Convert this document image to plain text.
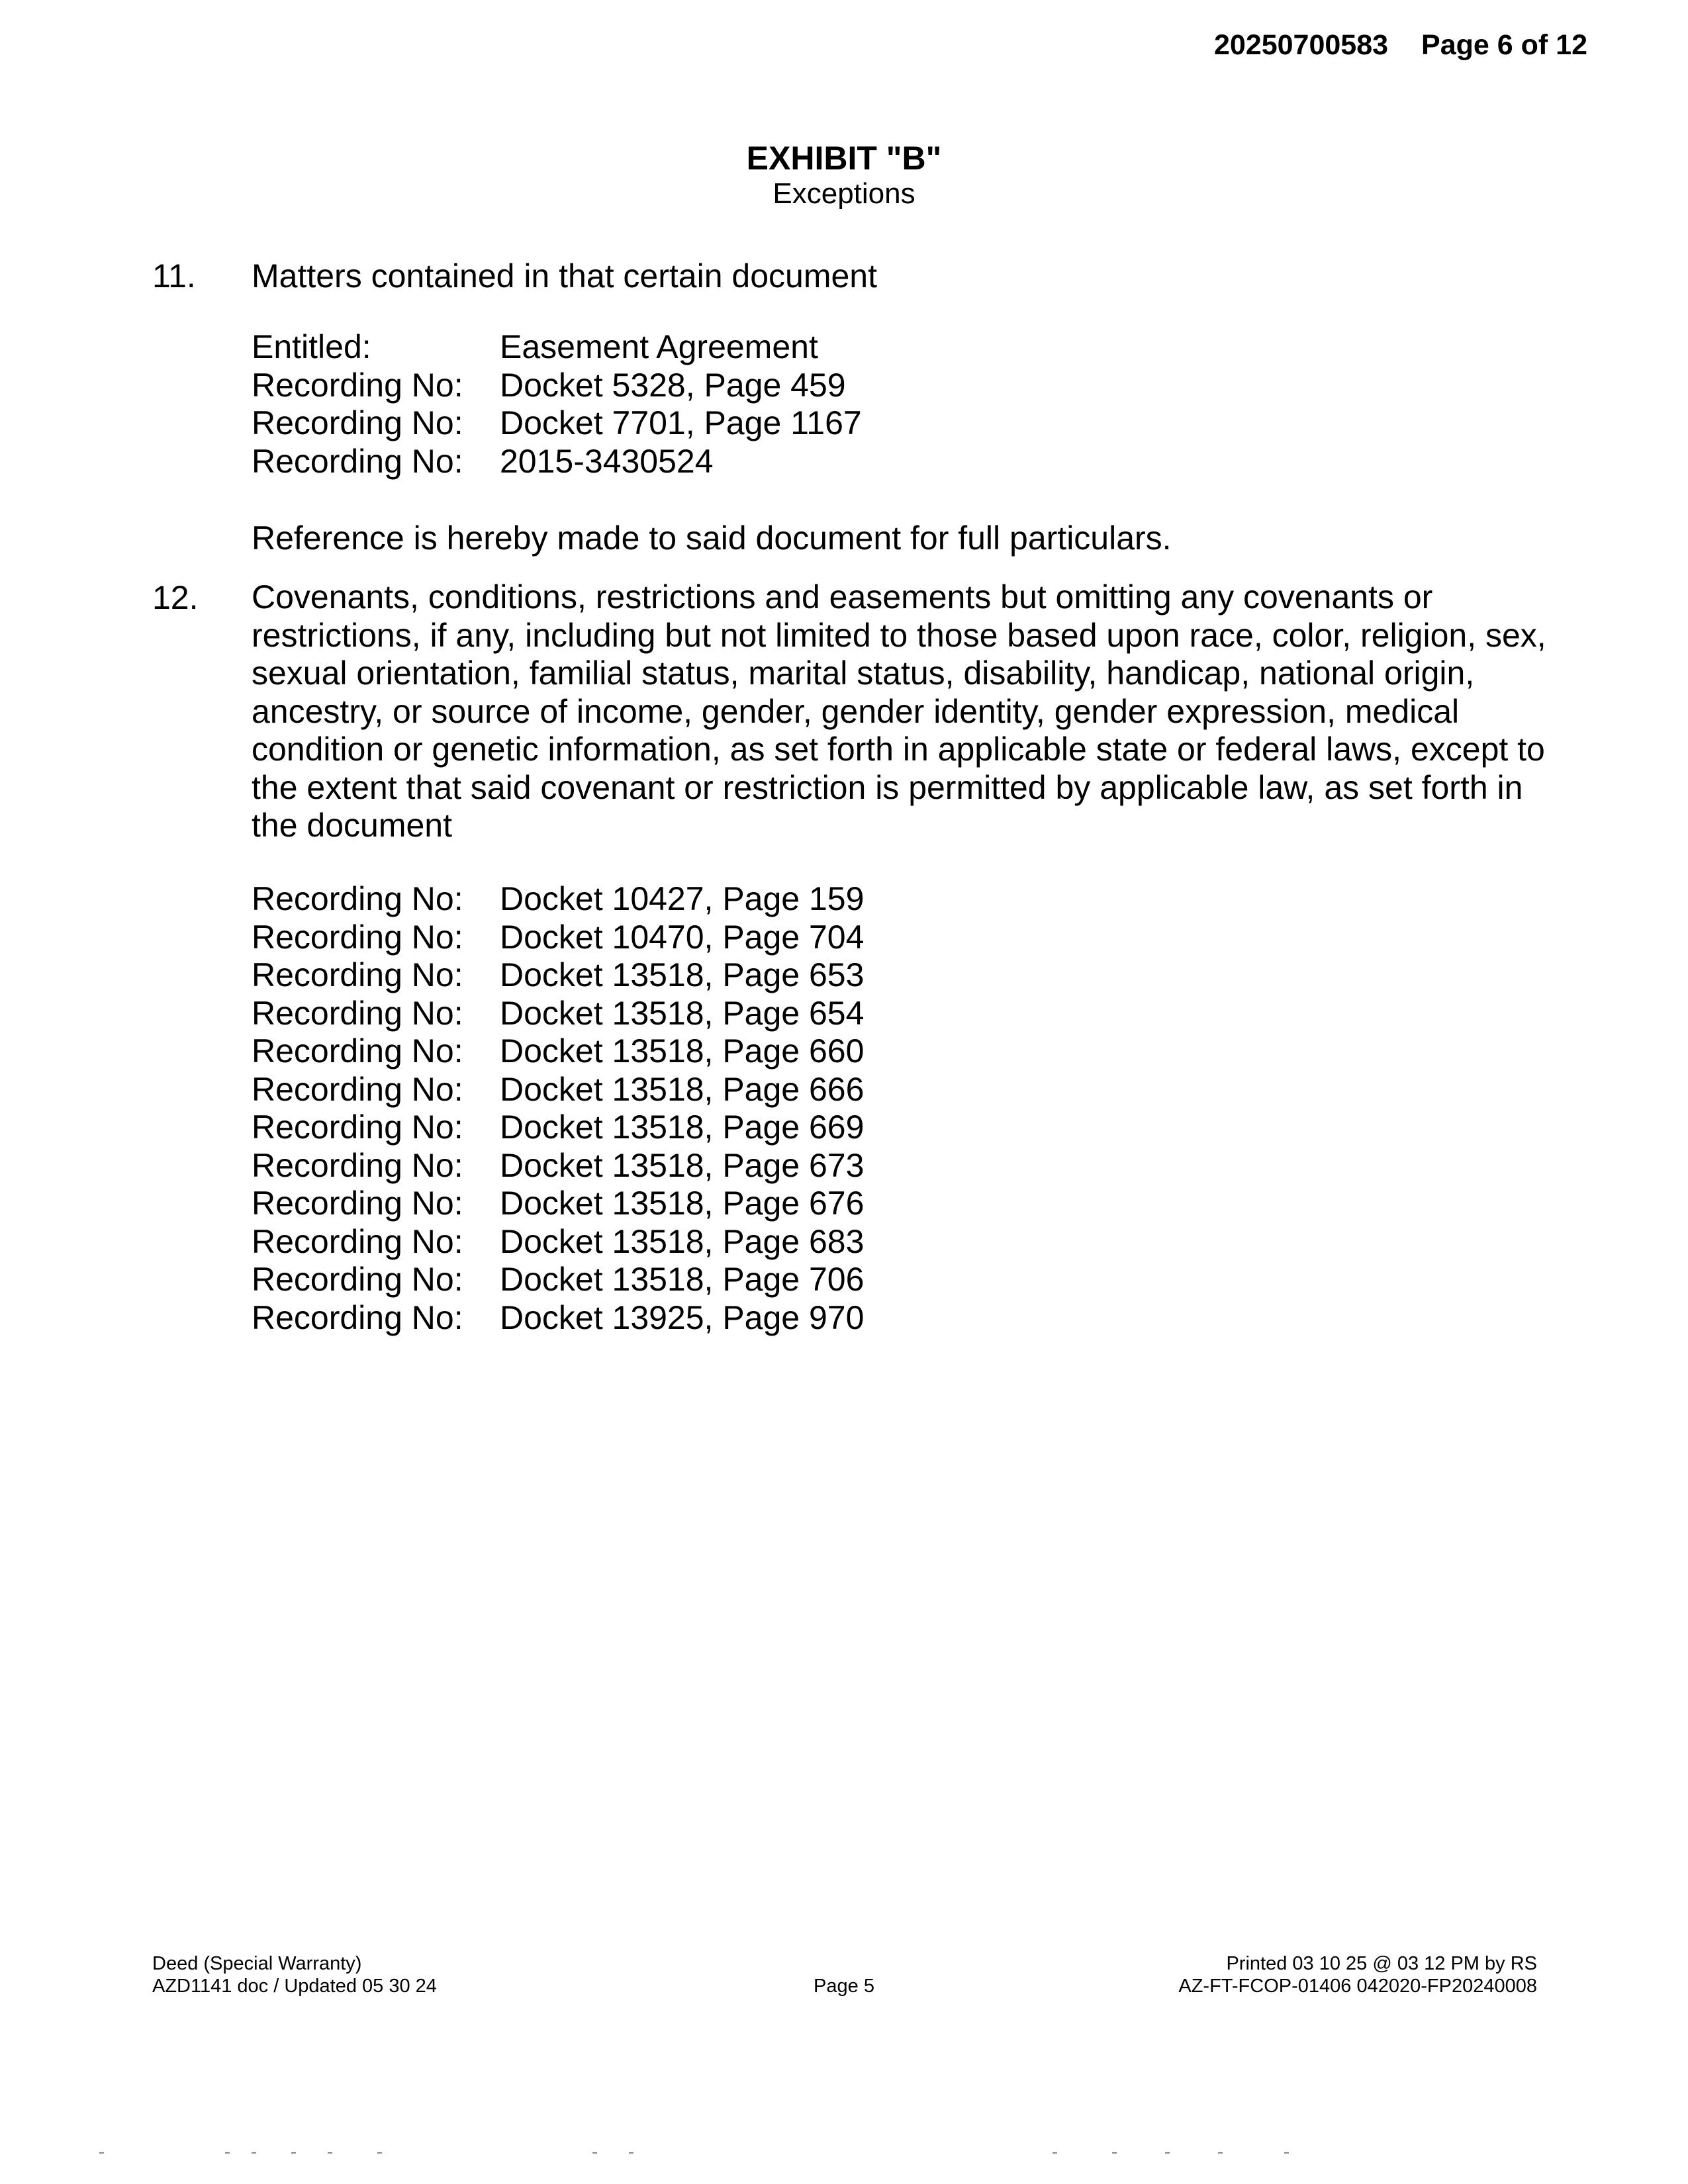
20250700583 Page 6 of 12
EXHIBIT "B"
Exceptions
11. Matters contained in that certain document
Entitled:	Easement Agreement
Recording No:	Docket 5328, Page 459
Recording No:	Docket 7701, Page 1167
Recording No:	2015-3430524
Reference is hereby made to said document for full particulars.
12. Covenants, conditions, restrictions and easements but omitting any covenants or restrictions, if any, including but not limited to those based upon race, color, religion, sex, sexual orientation, familial status, marital status, disability, handicap, national origin, ancestry, or source of income, gender, gender identity, gender expression, medical condition or genetic information, as set forth in applicable state or federal laws, except to the extent that said covenant or restriction is permitted by applicable law, as set forth in the document
Recording No:	Docket 10427, Page 159
Recording No:	Docket 10470, Page 704
Recording No:	Docket 13518, Page 653
Recording No:	Docket 13518, Page 654
Recording No:	Docket 13518, Page 660
Recording No:	Docket 13518, Page 666
Recording No:	Docket 13518, Page 669
Recording No:	Docket 13518, Page 673
Recording No:	Docket 13518, Page 676
Recording No:	Docket 13518, Page 683
Recording No:	Docket 13518, Page 706
Recording No:	Docket 13925, Page 970
Deed (Special Warranty)
AZD1141 doc / Updated 05 30 24	Page 5
Printed 03 10 25 @ 03 12 PM by RS
AZ-FT-FCOP-01406 042020-FP20240008
